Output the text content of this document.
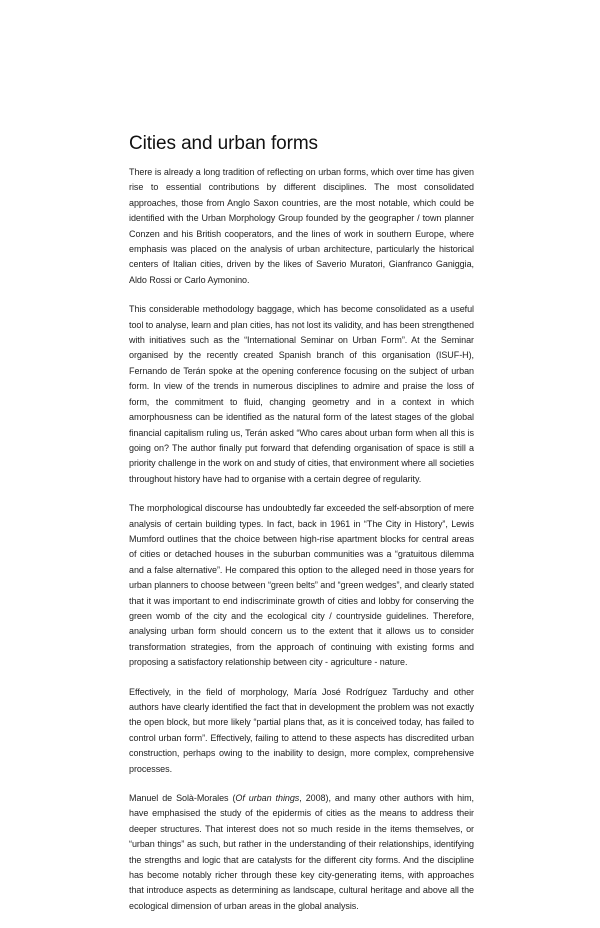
Cities and urban forms

There is already a long tradition of reflecting on urban forms, which over time has given rise to essential contributions by different disciplines. The most consolidated approaches, those from Anglo Saxon countries, are the most notable, which could be identified with the Urban Morphology Group founded by the geographer / town planner Conzen and his British cooperators, and the lines of work in southern Europe, where emphasis was placed on the analysis of urban architecture, particularly the historical centers of Italian cities, driven by the likes of Saverio Muratori, Gianfranco Ganiggia, Aldo Rossi or Carlo Aymonino.

This considerable methodology baggage, which has become consolidated as a useful tool to analyse, learn and plan cities, has not lost its validity, and has been strengthened with initiatives such as the “International Seminar on Urban Form”. At the Seminar organised by the recently created Spanish branch of this organisation (ISUF-H), Fernando de Terán spoke at the opening conference focusing on the subject of urban form. In view of the trends in numerous disciplines to admire and praise the loss of form, the commitment to fluid, changing geometry and in a context in which amorphousness can be identified as the natural form of the latest stages of the global financial capitalism ruling us, Terán asked “Who cares about urban form when all this is going on? The author finally put forward that defending organisation of space is still a priority challenge in the work on and study of cities, that environment where all societies throughout history have had to organise with a certain degree of regularity.

The morphological discourse has undoubtedly far exceeded the self-absorption of mere analysis of certain building types. In fact, back in 1961 in “The City in History”, Lewis Mumford outlines that the choice between high-rise apartment blocks for central areas of cities or detached houses in the suburban communities was a “gratuitous dilemma and a false alternative”. He compared this option to the alleged need in those years for urban planners to choose between “green belts” and “green wedges”, and clearly stated that it was important to end indiscriminate growth of cities and lobby for conserving the green womb of the city and the ecological city / countryside guidelines. Therefore, analysing urban form should concern us to the extent that it allows us to consider transformation strategies, from the approach of continuing with existing forms and proposing a satisfactory relationship between city - agriculture - nature.

Effectively, in the field of morphology, María José Rodríguez Tarduchy and other authors have clearly identified the fact that in development the problem was not exactly the open block, but more likely “partial plans that, as it is conceived today, has failed to control urban form”. Effectively, failing to attend to these aspects has discredited urban construction, perhaps owing to the inability to design, more complex, comprehensive processes.

Manuel de Solà-Morales (Of urban things, 2008), and many other authors with him, have emphasised the study of the epidermis of cities as the means to address their deeper structures. That interest does not so much reside in the items themselves, or “urban things” as such, but rather in the understanding of their relationships, identifying the strengths and logic that are catalysts for the different city forms. And the discipline has become notably richer through these key city-generating items, with approaches that introduce aspects as determining as landscape, cultural heritage and above all the ecological dimension of urban areas in the global analysis.
